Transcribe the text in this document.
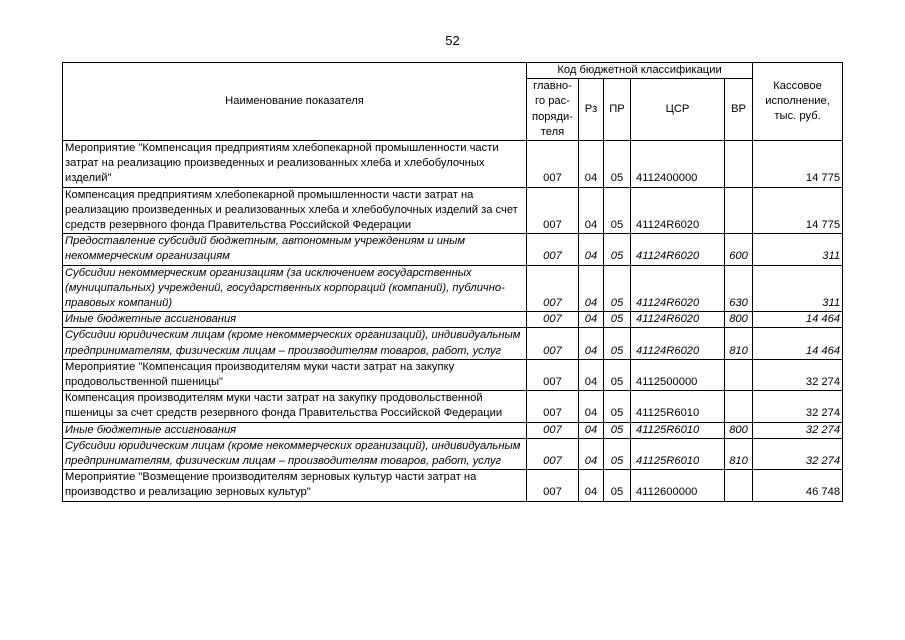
52
Наименование показателя	Код бюджетной классификации					Кассовое исполнение, тыс. руб.
	главно-го рас-поряди-теля	Рз	ПР	ЦСР	ВР	
Мероприятие "Компенсация предприятиям хлебопекарной промышленности части затрат на реализацию произведенных и реализованных хлеба и хлебобулочных изделий"	007	04	05	4112400000		14 775
Компенсация предприятиям хлебопекарной промышленности части затрат на реализацию произведенных и реализованных хлеба и хлебобулочных изделий за счет средств резервного фонда Правительства Российской Федерации	007	04	05	41124R6020		14 775
Предоставление субсидий бюджетным, автономным учреждениям и иным некоммерческим организациям	007	04	05	41124R6020	600	311
Субсидии некоммерческим организациям (за исключением государственных (муниципальных) учреждений, государственных корпораций (компаний), публично-правовых компаний)	007	04	05	41124R6020	630	311
Иные бюджетные ассигнования	007	04	05	41124R6020	800	14 464
Субсидии юридическим лицам (кроме некоммерческих организаций), индивидуальным предпринимателям, физическим лицам – производителям товаров, работ, услуг	007	04	05	41124R6020	810	14 464
Мероприятие "Компенсация производителям муки части затрат на закупку продовольственной пшеницы"	007	04	05	4112500000		32 274
Компенсация производителям муки части затрат на закупку продовольственной пшеницы за счет средств резервного фонда Правительства Российской Федерации	007	04	05	41125R6010		32 274
Иные бюджетные ассигнования	007	04	05	41125R6010	800	32 274
Субсидии юридическим лицам (кроме некоммерческих организаций), индивидуальным предпринимателям, физическим лицам – производителям товаров, работ, услуг	007	04	05	41125R6010	810	32 274
Мероприятие "Возмещение производителям зерновых культур части затрат на производство и реализацию зерновых культур"	007	04	05	4112600000		46 748
